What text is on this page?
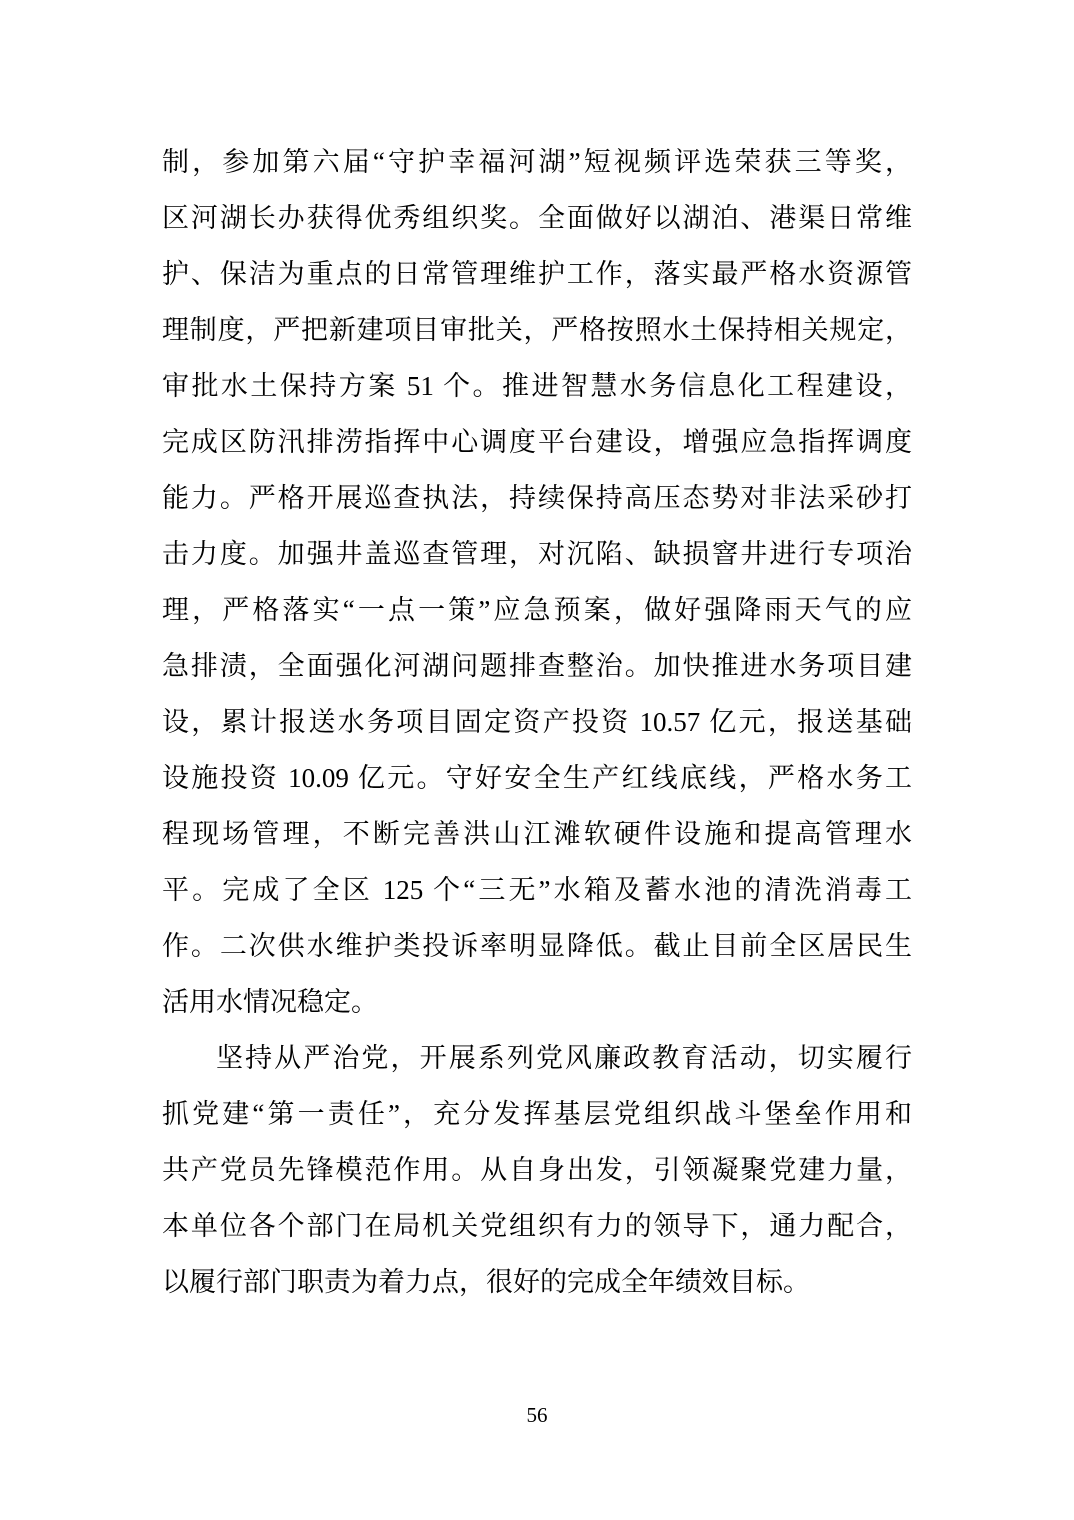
制，参加第六届“守护幸福河湖”短视频评选荣获三等奖，
区河湖长办获得优秀组织奖。全面做好以湖泊、港渠日常维
护、保洁为重点的日常管理维护工作，落实最严格水资源管
理制度，严把新建项目审批关，严格按照水土保持相关规定，
审批水土保持方案 51 个。推进智慧水务信息化工程建设，
完成区防汛排涝指挥中心调度平台建设，增强应急指挥调度
能力。严格开展巡查执法，持续保持高压态势对非法采砂打
击力度。加强井盖巡查管理，对沉陷、缺损窨井进行专项治
理，严格落实“一点一策”应急预案，做好强降雨天气的应
急排渍，全面强化河湖问题排查整治。加快推进水务项目建
设，累计报送水务项目固定资产投资 10.57 亿元，报送基础
设施投资 10.09 亿元。守好安全生产红线底线，严格水务工
程现场管理，不断完善洪山江滩软硬件设施和提高管理水
平。完成了全区 125 个“三无”水箱及蓄水池的清洗消毒工
作。二次供水维护类投诉率明显降低。截止目前全区居民生
活用水情况稳定。
坚持从严治党，开展系列党风廉政教育活动，切实履行
抓党建“第一责任”，充分发挥基层党组织战斗堡垒作用和
共产党员先锋模范作用。从自身出发，引领凝聚党建力量，
本单位各个部门在局机关党组织有力的领导下，通力配合，
以履行部门职责为着力点，很好的完成全年绩效目标。
56
